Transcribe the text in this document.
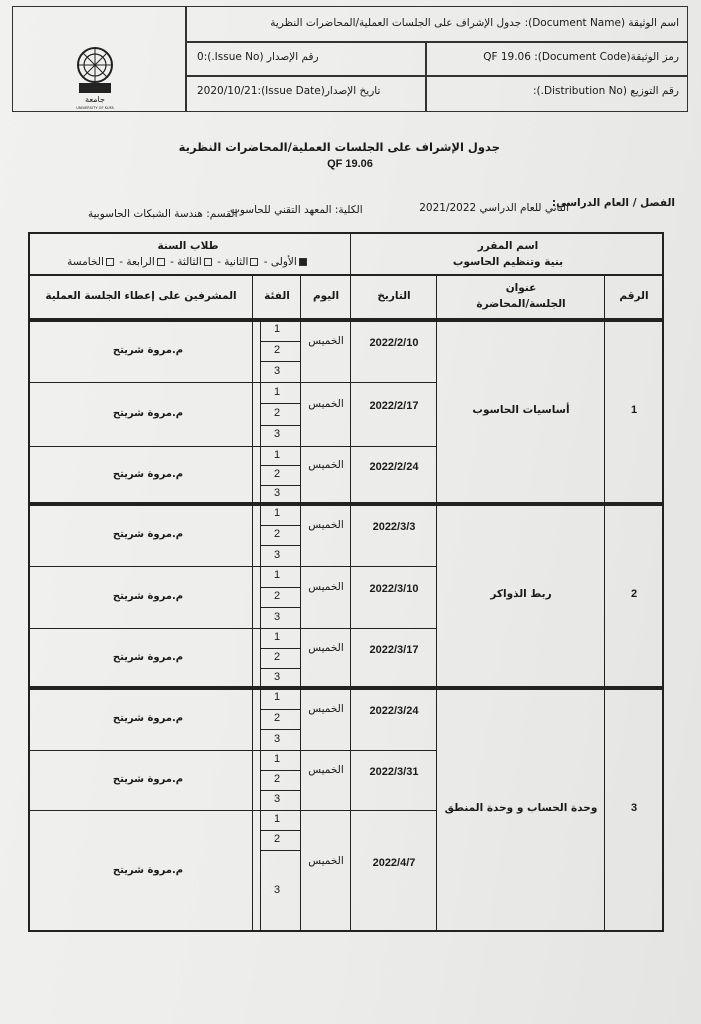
جامعة
UNIVERSITY OF KUFA
اسم الوثيقة (Document Name): جدول الإشراف على الجلسات العملية/المحاضرات النظرية
رمز الوثيقة(Document Code): QF 19.06
رقم الإصدار (Issue No.):0
رقم التوزيع (Distribution No.):
تاريخ الإصدار(Issue Date):2020/10/21
جدول الإشراف على الجلسات العملية/المحاضرات النظرية
QF 19.06
الفصل / العام الدراسي:
الثاني للعام الدراسي 2021/2022
الكلية: المعهد التقني للحاسوب
القسم: هندسة الشبكات الحاسوبية
اسم المقرر
بنية وتنظيم الحاسوب
طلاب السنة
الأولى - الثانية - الثالثة - الرابعة - الخامسة
الرقم
عنوان
الجلسة/المحاضرة
التاريخ
اليوم
الفئة
المشرفين على إعطاء الجلسة العملية
1
أساسيات الحاسوب
2022/2/10
الخميس
1
2
3
م.مروة شريتح
2022/2/17
الخميس
1
2
3
م.مروة شريتح
2022/2/24
الخميس
1
2
3
م.مروة شريتح
2
ربط الذواكر
2022/3/3
الخميس
1
2
3
م.مروة شريتح
2022/3/10
الخميس
1
2
3
م.مروة شريتح
2022/3/17
الخميس
1
2
3
م.مروة شريتح
3
وحدة الحساب و وحدة المنطق
2022/3/24
الخميس
1
2
3
م.مروة شريتح
2022/3/31
الخميس
1
2
3
م.مروة شريتح
2022/4/7
الخميس
1
2
3
م.مروة شريتح
